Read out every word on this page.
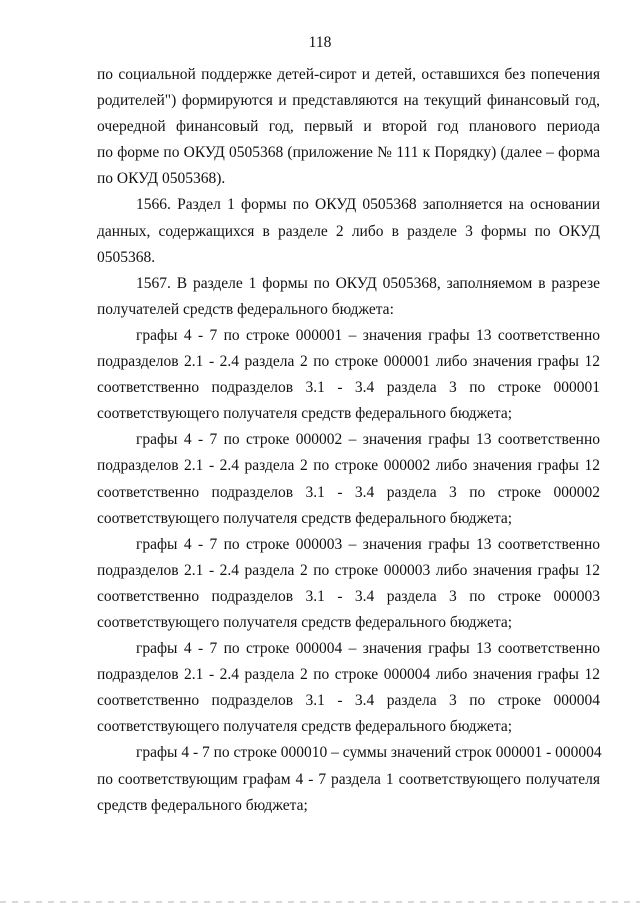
118
по социальной поддержке детей-сирот и детей, оставшихся без попечения
родителей") формируются и представляются на текущий финансовый год,
очередной финансовый год, первый и второй год планового периода
по форме по ОКУД 0505368 (приложение № 111 к Порядку) (далее – форма
по ОКУД 0505368).
1566. Раздел 1 формы по ОКУД 0505368 заполняется на основании
данных, содержащихся в разделе 2 либо в разделе 3 формы по ОКУД
0505368.
1567. В разделе 1 формы по ОКУД 0505368, заполняемом в разрезе
получателей средств федерального бюджета:
графы 4 - 7 по строке 000001 – значения графы 13 соответственно
подразделов 2.1 - 2.4 раздела 2 по строке 000001 либо значения графы 12
соответственно подразделов 3.1 - 3.4 раздела 3 по строке 000001
соответствующего получателя средств федерального бюджета;
графы 4 - 7 по строке 000002 – значения графы 13 соответственно
подразделов 2.1 - 2.4 раздела 2 по строке 000002 либо значения графы 12
соответственно подразделов 3.1 - 3.4 раздела 3 по строке 000002
соответствующего получателя средств федерального бюджета;
графы 4 - 7 по строке 000003 – значения графы 13 соответственно
подразделов 2.1 - 2.4 раздела 2 по строке 000003 либо значения графы 12
соответственно подразделов 3.1 - 3.4 раздела 3 по строке 000003
соответствующего получателя средств федерального бюджета;
графы 4 - 7 по строке 000004 – значения графы 13 соответственно
подразделов 2.1 - 2.4 раздела 2 по строке 000004 либо значения графы 12
соответственно подразделов 3.1 - 3.4 раздела 3 по строке 000004
соответствующего получателя средств федерального бюджета;
графы 4 - 7 по строке 000010 – суммы значений строк 000001 - 000004
по соответствующим графам 4 - 7 раздела 1 соответствующего получателя
средств федерального бюджета;
